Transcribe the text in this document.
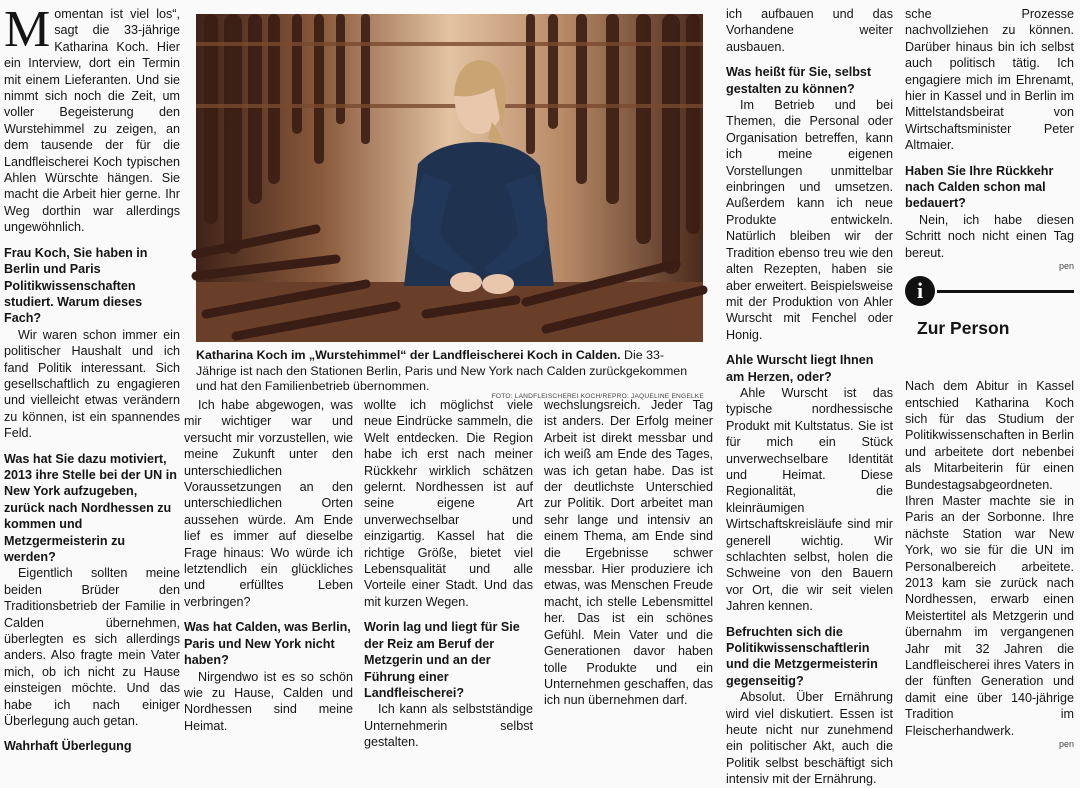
Momentan ist viel los“, sagt die 33-jährige Katharina Koch. Hier ein Interview, dort ein Termin mit einem Lieferanten. Und sie nimmt sich noch die Zeit, um voller Begeisterung den Wurstehimmel zu zeigen, an dem tausende der für die Landfleischerei Koch typischen Ahlen Würschte hängen. Sie macht die Arbeit hier gerne. Ihr Weg dorthin war allerdings ungewöhnlich.

Frau Koch, Sie haben in Berlin und Paris Politikwissenschaften studiert. Warum dieses Fach?

Wir waren schon immer ein politischer Haushalt und ich fand Politik interessant. Sich gesellschaftlich zu engagieren und vielleicht etwas verändern zu können, ist ein spannendes Feld.

Was hat Sie dazu motiviert, 2013 ihre Stelle bei der UN in New York aufzugeben, zurück nach Nordhessen zu kommen und Metzgermeisterin zu werden?

Eigentlich sollten meine beiden Brüder den Traditionsbetrieb der Familie in Calden übernehmen, überlegten es sich allerdings anders. Also fragte mein Vater mich, ob ich nicht zu Hause einsteigen möchte. Und das habe ich nach einiger Überlegung auch getan.

Wahrhaft Überlegung
Katharina Koch im „Wurstehimmel“ der Landfleischerei Koch in Calden. Die 33-Jährige ist nach den Stationen Berlin, Paris und New York nach Calden zurückgekommen und hat den Familienbetrieb übernommen.
FOTO: LANDFLEISCHEREI KOCH/REPRO: JAQUELINE ENGELKE

Ich habe abgewogen, was mir wichtiger war und versucht mir vorzustellen, wie meine Zukunft unter den unterschiedlichen Voraussetzungen an den unterschiedlichen Orten aussehen würde. Am Ende lief es immer auf dieselbe Frage hinaus: Wo würde ich letztendlich ein glückliches und erfülltes Leben verbringen?

Was hat Calden, was Berlin, Paris und New York nicht haben?

Nirgendwo ist es so schön wie zu Hause, Calden und Nordhessen sind meine Heimat.

wollte ich möglichst viele neue Eindrücke sammeln, die Welt entdecken. Die Region habe ich erst nach meiner Rückkehr wirklich schätzen gelernt. Nordhessen ist auf seine eigene Art unverwechselbar und einzigartig. Kassel hat die richtige Größe, bietet viel Lebensqualität und alle Vorteile einer Stadt. Und das mit kurzen Wegen.

Worin lag und liegt für Sie der Reiz am Beruf der Metzgerin und an der Führung einer Landfleischerei?

Ich kann als selbstständige Unternehmerin selbst gestalten.

wechslungsreich. Jeder Tag ist anders. Der Erfolg meiner Arbeit ist direkt messbar und ich weiß am Ende des Tages, was ich getan habe. Das ist der deutlichste Unterschied zur Politik. Dort arbeitet man sehr lange und intensiv an einem Thema, am Ende sind die Ergebnisse schwer messbar. Hier produziere ich etwas, was Menschen Freude macht, ich stelle Lebensmittel her. Das ist ein schönes Gefühl. Mein Vater und die Generationen davor haben tolle Produkte und ein Unternehmen geschaffen, das ich nun übernehmen darf.

ich aufbauen und das Vorhandene weiter ausbauen.

Was heißt für Sie, selbst gestalten zu können?

Im Betrieb und bei Themen, die Personal oder Organisation betreffen, kann ich meine eigenen Vorstellungen unmittelbar einbringen und umsetzen. Außerdem kann ich neue Produkte entwickeln. Natürlich bleiben wir der Tradition ebenso treu wie den alten Rezepten, haben sie aber erweitert. Beispielsweise mit der Produktion von Ahler Wurscht mit Fenchel oder Honig.

Ahle Wurscht liegt Ihnen am Herzen, oder?

Ahle Wurscht ist das typische nordhessische Produkt mit Kultstatus. Sie ist für mich ein Stück unverwechselbare Identität und Heimat. Diese Regionalität, die kleinräumigen Wirtschaftskreisläufe sind mir generell wichtig. Wir schlachten selbst, holen die Schweine von den Bauern vor Ort, die wir seit vielen Jahren kennen.

Befruchten sich die Politikwissenschaftlerin und die Metzgermeisterin gegenseitig?

Absolut. Über Ernährung wird viel diskutiert. Essen ist heute nicht nur zunehmend ein politischer Akt, auch die Politik selbst beschäftigt sich intensiv mit der Ernährung.

sche Prozesse nachvollziehen zu können. Darüber hinaus bin ich selbst auch politisch tätig. Ich engagiere mich im Ehrenamt, hier in Kassel und in Berlin im Mittelstandsbeirat von Wirtschaftsminister Peter Altmaier.

Haben Sie Ihre Rückkehr nach Calden schon mal bedauert?

Nein, ich habe diesen Schritt noch nicht einen Tag bereut.

pen

Nach dem Abitur in Kassel entschied Katharina Koch sich für das Studium der Politikwissenschaften in Berlin und arbeitete dort nebenbei als Mitarbeiterin für einen Bundestagsabgeordneten. Ihren Master machte sie in Paris an der Sorbonne. Ihre nächste Station war New York, wo sie für die UN im Personalbereich arbeitete. 2013 kam sie zurück nach Nordhessen, erwarb einen Meistertitel als Metzgerin und übernahm im vergangenen Jahr mit 32 Jahren die Landfleischerei ihres Vaters in der fünften Generation und damit eine über 140-jährige Tradition im Fleischerhandwerk.

pen

i
Zur Person
